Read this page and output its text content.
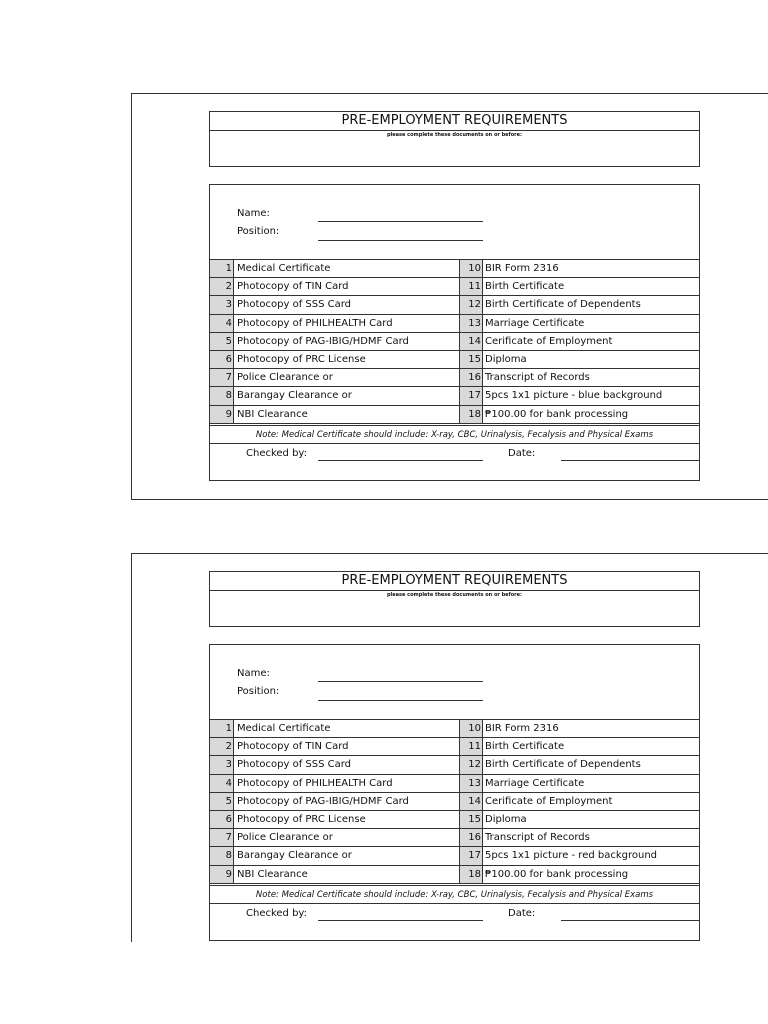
PRE-EMPLOYMENT REQUIREMENTS
please complete these documents on or before:
Name:
Position:
1 Medical Certificate	10 BIR Form 2316
2 Photocopy of TIN Card	11 Birth Certificate
3 Photocopy of SSS Card	12 Birth Certificate of Dependents
4 Photocopy of PHILHEALTH Card	13 Marriage Certificate
5 Photocopy of PAG-IBIG/HDMF Card	14 Cerificate of Employment
6 Photocopy of PRC License	15 Diploma
7 Police Clearance or	16 Transcript of Records
8 Barangay Clearance or	17 5pcs 1x1 picture - blue background
9 NBI Clearance	18 ₱100.00 for bank processing
Note: Medical Certificate should include: X-ray, CBC, Urinalysis, Fecalysis and Physical Exams
Checked by:	Date:
PRE-EMPLOYMENT REQUIREMENTS
please complete these documents on or before:
Name:
Position:
1 Medical Certificate	10 BIR Form 2316
2 Photocopy of TIN Card	11 Birth Certificate
3 Photocopy of SSS Card	12 Birth Certificate of Dependents
4 Photocopy of PHILHEALTH Card	13 Marriage Certificate
5 Photocopy of PAG-IBIG/HDMF Card	14 Cerificate of Employment
6 Photocopy of PRC License	15 Diploma
7 Police Clearance or	16 Transcript of Records
8 Barangay Clearance or	17 5pcs 1x1 picture - red background
9 NBI Clearance	18 ₱100.00 for bank processing
Note: Medical Certificate should include: X-ray, CBC, Urinalysis, Fecalysis and Physical Exams
Checked by:	Date:
